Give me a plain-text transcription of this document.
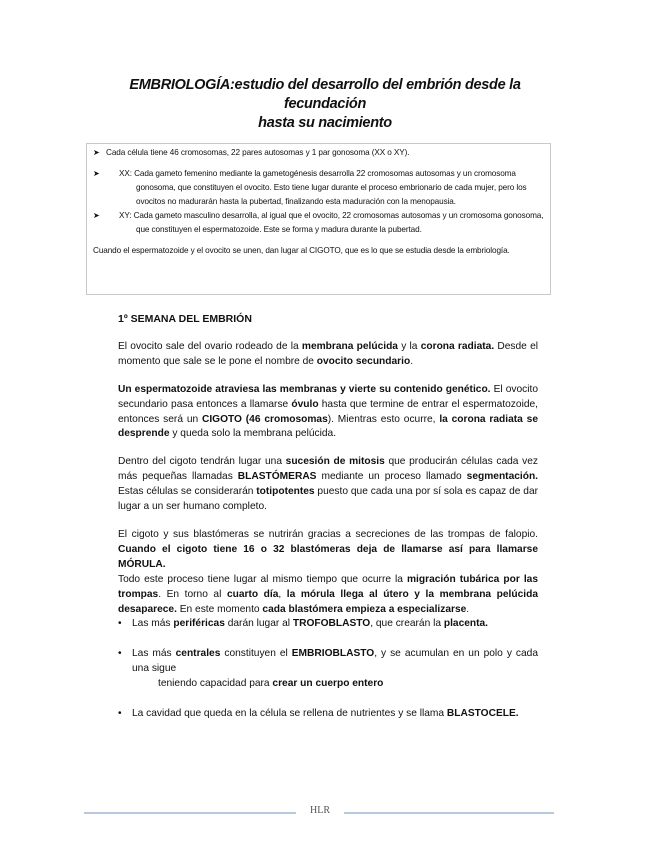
EMBRIOLOGÍA:estudio del desarrollo del embrión desde la fecundación
hasta su nacimiento
➤ Cada célula tiene 46 cromosomas, 22 pares autosomas y 1 par gonosoma (XX o XY).
➤	XX: Cada gameto femenino mediante la gametogénesis desarrolla 22 cromosomas autosomas y un cromosoma gonosoma, que constituyen el ovocito. Esto tiene lugar durante el proceso embrionario de cada mujer, pero los ovocitos no madurarán hasta la pubertad, finalizando esta maduración con la menopausia.
➤	XY: Cada gameto masculino desarrolla, al igual que el ovocito, 22 cromosomas autosomas y un cromosoma gonosoma, que constituyen el espermatozoide. Este se forma y madura durante la pubertad.
Cuando el espermatozoide y el ovocito se unen, dan lugar al CIGOTO, que es lo que se estudia desde la embriología.

1º SEMANA DEL EMBRIÓN

El ovocito sale del ovario rodeado de la membrana pelúcida y la corona radiata. Desde el momento que sale se le pone el nombre de ovocito secundario.

Un espermatozoide atraviesa las membranas y vierte su contenido genético. El ovocito secundario pasa entonces a llamarse óvulo hasta que termine de entrar el espermatozoide, entonces será un CIGOTO (46 cromosomas). Mientras esto ocurre, la corona radiata se desprende y queda solo la membrana pelúcida.

Dentro del cigoto tendrán lugar una sucesión de mitosis que producirán células cada vez más pequeñas llamadas BLASTÓMERAS mediante un proceso llamado segmentación. Estas células se considerarán totipotentes puesto que cada una por sí sola es capaz de dar lugar a un ser humano completo.

El cigoto y sus blastómeras se nutrirán gracias a secreciones de las trompas de falopio. Cuando el cigoto tiene 16 o 32 blastómeras deja de llamarse así para llamarse MÓRULA.

Todo este proceso tiene lugar al mismo tiempo que ocurre la migración tubárica por las trompas. En torno al cuarto día, la mórula llega al útero y la membrana pelúcida desaparece. En este momento cada blastómera empieza a especializarse.

• Las más periféricas darán lugar al TROFOBLASTO, que crearán la placenta.
• Las más centrales constituyen el EMBRIOBLASTO, y se acumulan en un polo y cada una sigue
teniendo capacidad para crear un cuerpo entero
• La cavidad que queda en la célula se rellena de nutrientes y se llama BLASTOCELE.
HLR
